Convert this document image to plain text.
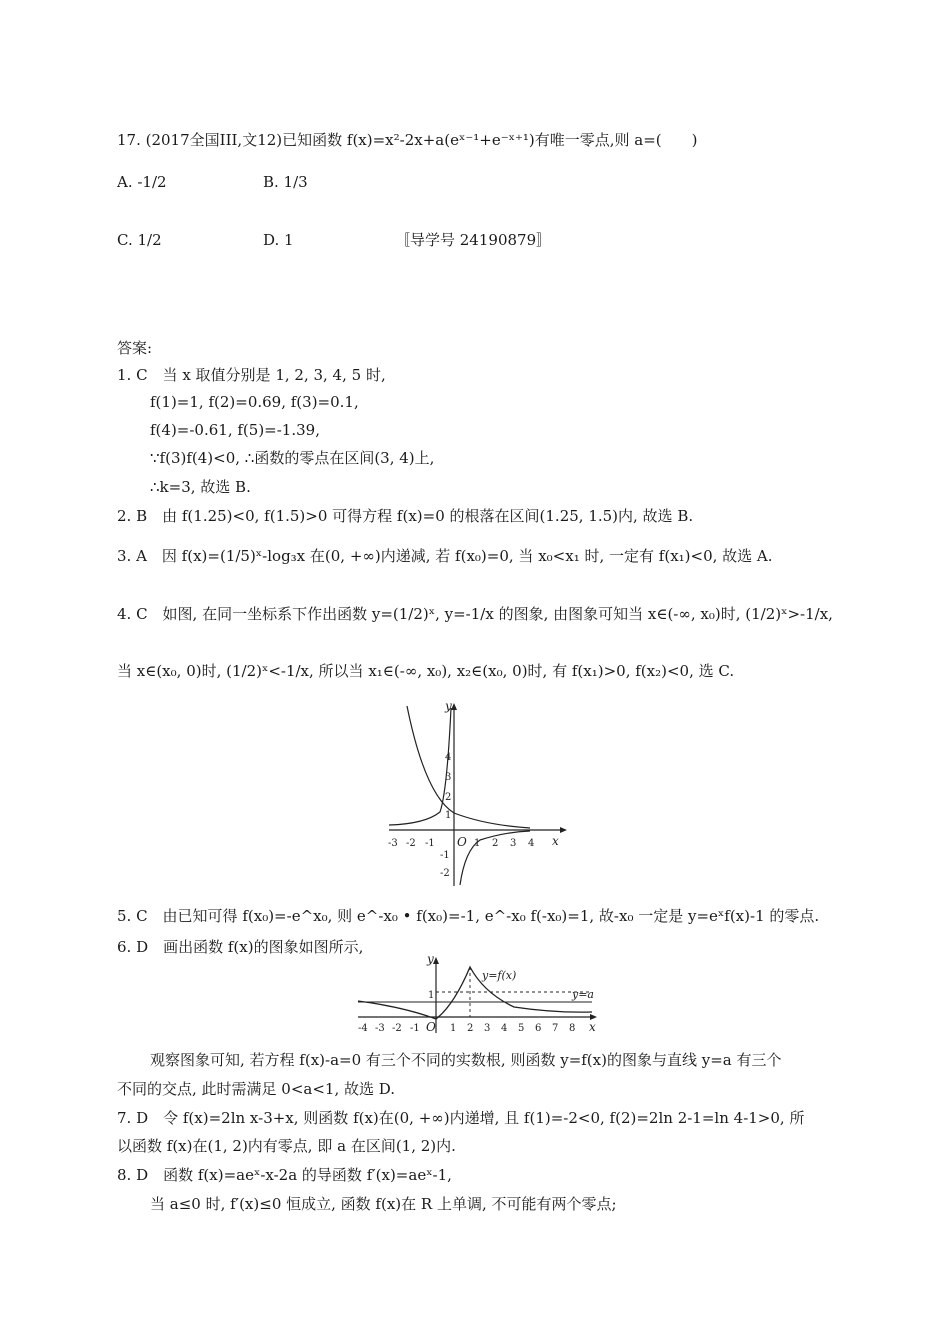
17. (2017全国III,文12)已知函数 f(x)=x²-2x+a(eˣ⁻¹+e⁻ˣ⁺¹)有唯一零点,则 a=(　　)
A. -1/2	B. 1/3
C. 1/2	D. 1	〚导学号 24190879〛
答案:
1. C　当 x 取值分别是 1, 2, 3, 4, 5 时,
f(1)=1, f(2)=0.69, f(3)=0.1,
f(4)=-0.61, f(5)=-1.39,
∵f(3)f(4)<0, ∴函数的零点在区间(3, 4)上,
∴k=3, 故选 B.
2. B　由 f(1.25)<0, f(1.5)>0 可得方程 f(x)=0 的根落在区间(1.25, 1.5)内, 故选 B.
3. A　因 f(x)=(1/5)ˣ-log₃x 在(0, +∞)内递减, 若 f(x₀)=0, 当 x₀<x₁ 时, 一定有 f(x₁)<0, 故选 A.
4. C　如图, 在同一坐标系下作出函数 y=(1/2)ˣ, y=-1/x 的图象, 由图象可知当 x∈(-∞, x₀)时, (1/2)ˣ>-1/x,
当 x∈(x₀, 0)时, (1/2)ˣ<-1/x, 所以当 x₁∈(-∞, x₀), x₂∈(x₀, 0)时, 有 f(x₁)>0, f(x₂)<0, 选 C.
y
x
O
-3 -2 -1	1 2 3 4
4
3
2
1
-1
-2
5. C　由已知可得 f(x₀)=-e^x₀, 则 e^-x₀ • f(x₀)=-1, e^-x₀ f(-x₀)=1, 故-x₀ 一定是 y=eˣf(x)-1 的零点.
6. D　画出函数 f(x)的图象如图所示,
y
x
O
y=f(x)
y=a
1
-4 -3 -2 -1	1 2 3 4 5 6 7 8
观察图象可知, 若方程 f(x)-a=0 有三个不同的实数根, 则函数 y=f(x)的图象与直线 y=a 有三个
不同的交点, 此时需满足 0<a<1, 故选 D.
7. D　令 f(x)=2ln x-3+x, 则函数 f(x)在(0, +∞)内递增, 且 f(1)=-2<0, f(2)=2ln 2-1=ln 4-1>0, 所
以函数 f(x)在(1, 2)内有零点, 即 a 在区间(1, 2)内.
8. D　函数 f(x)=aeˣ-x-2a 的导函数 f′(x)=aeˣ-1,
当 a≤0 时, f′(x)≤0 恒成立, 函数 f(x)在 R 上单调, 不可能有两个零点;
